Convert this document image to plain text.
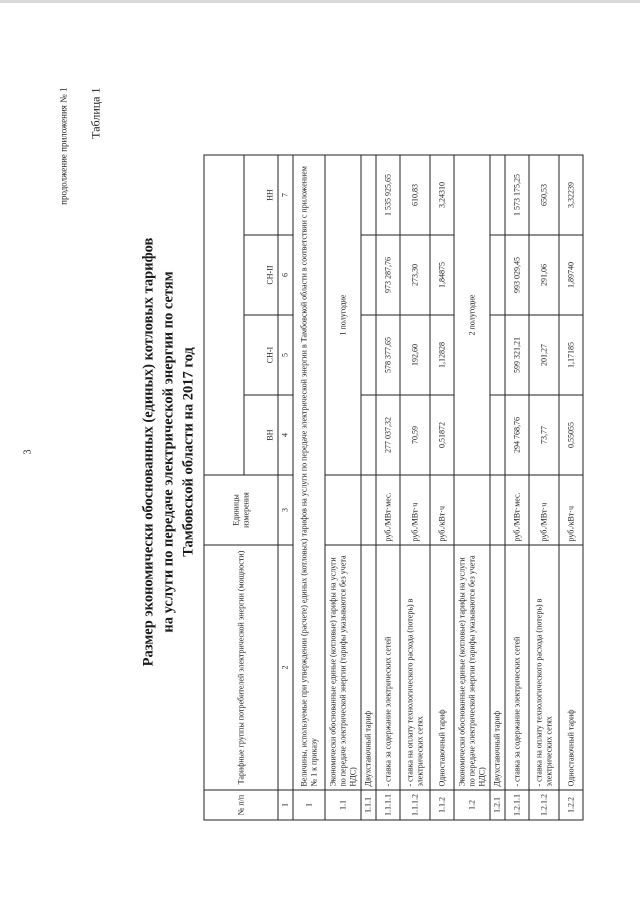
3
продолжение приложения № 1 Таблица 1
Размер экономически обоснованных (единых) котловых тарифов на услуги по передаче электрической энергии по сетям Тамбовской области на 2017 год
№ п/п	Тарифные группы потребителей электрической энергии (мощности)	Единицы измерения				
			ВН	СН-I	СН-II	НН
1	2	3	4	5	6	7
1	Величины, используемые при утверждении (расчете) единых (котловых) тарифов на услуги по передаче электрической энергии в Тамбовской области в соответствии с приложением № 1 к приказу					
1.1	Экономически обоснованные единые (котловые) тарифы на услуги по передаче электрической энергии (тарифы указываются без учета НДС)		1 полугодие			
1.1.1	Двухставочный тариф					
1.1.1.1	- ставка за содержание электрических сетей	руб./МВт·мес.	277 037,32	578 377,65	973 287,76	1 535 925,65
1.1.1.2	- ставка на оплату технологического расхода (потерь) в электрических сетях	руб./МВт·ч	70,59	192,60	273,30	610,83
1.1.2	Одноставочный тариф	руб./кВт·ч	0,51872	1,12828	1,84875	3,24310
1.2	Экономически обоснованные единые (котловые) тарифы на услуги по передаче электрической энергии (тарифы указываются без учета НДС)		2 полугодие			
1.2.1	Двухставочный тариф					
1.2.1.1	- ставка за содержание электрических сетей	руб./МВт·мес.	294 768,76	599 321,21	993 029,45	1 573 175,25
1.2.1.2	- ставка на оплату технологического расхода (потерь) в электрических сетях	руб./МВт·ч	73,77	201,27	291,06	650,53
1.2.2	Одноставочный тариф	руб./кВт·ч	0,55055	1,17185	1,89740	3,32239
